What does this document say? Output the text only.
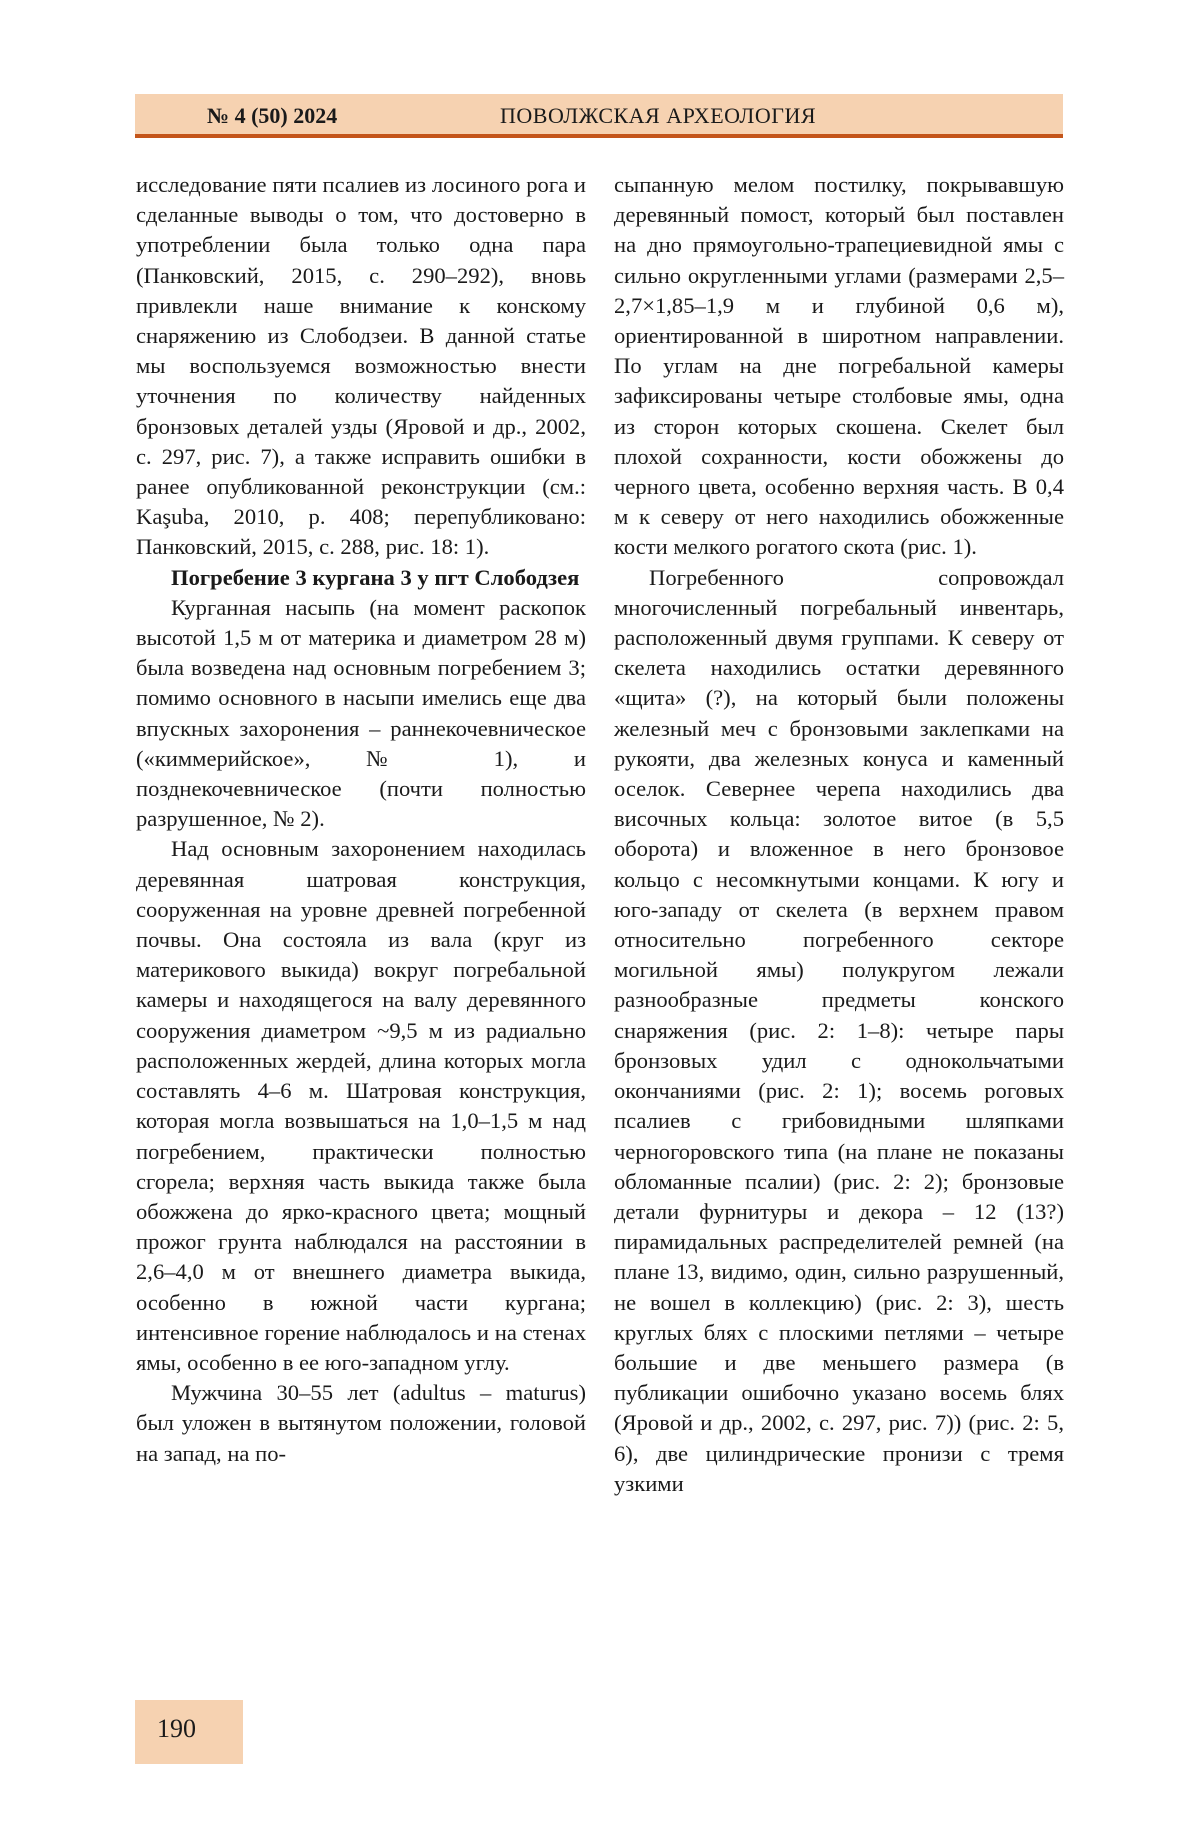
№ 4 (50) 2024	ПОВОЛЖСКАЯ АРХЕОЛОГИЯ

исследование пяти псалиев из лосиного рога и сделанные выводы о том, что достоверно в употреблении была только одна пара (Панковский, 2015, с. 290–292), вновь привлекли наше внимание к конскому снаряжению из Слободзеи. В данной статье мы воспользуемся возможностью внести уточнения по количеству найденных бронзовых деталей узды (Яровой и др., 2002, с. 297, рис. 7), а также исправить ошибки в ранее опубликованной реконструкции (см.: Kaşuba, 2010, p. 408; перепубликовано: Панковский, 2015, с. 288, рис. 18: 1).

Погребение 3 кургана 3 у пгт Слободзея

Курганная насыпь (на момент раскопок высотой 1,5 м от материка и диаметром 28 м) была возведена над основным погребением 3; помимо основного в насыпи имелись еще два впускных захоронения – раннекочевническое («киммерийское», № 1), и позднекочевническое (почти полностью разрушенное, № 2).

Над основным захоронением находилась деревянная шатровая конструкция, сооруженная на уровне древней погребенной почвы. Она состояла из вала (круг из материкового выкида) вокруг погребальной камеры и находящегося на валу деревянного сооружения диаметром ~9,5 м из радиально расположенных жердей, длина которых могла составлять 4–6 м. Шатровая конструкция, которая могла возвышаться на 1,0–1,5 м над погребением, практически полностью сгорела; верхняя часть выкида также была обожжена до ярко-красного цвета; мощный прожог грунта наблюдался на расстоянии в 2,6–4,0 м от внешнего диаметра выкида, особенно в южной части кургана; интенсивное горение наблюдалось и на стенах ямы, особенно в ее юго-западном углу.

Мужчина 30–55 лет (adultus – maturus) был уложен в вытянутом положении, головой на запад, на по-

сыпанную мелом постилку, покрывавшую деревянный помост, который был поставлен на дно прямоугольно-трапециевидной ямы с сильно округленными углами (размерами 2,5–2,7×1,85–1,9 м и глубиной 0,6 м), ориентированной в широтном направлении. По углам на дне погребальной камеры зафиксированы четыре столбовые ямы, одна из сторон которых скошена. Скелет был плохой сохранности, кости обожжены до черного цвета, особенно верхняя часть. В 0,4 м к северу от него находились обожженные кости мелкого рогатого скота (рис. 1).

Погребенного сопровождал многочисленный погребальный инвентарь, расположенный двумя группами. К северу от скелета находились остатки деревянного «щита» (?), на который были положены железный меч с бронзовыми заклепками на рукояти, два железных конуса и каменный оселок. Севернее черепа находились два височных кольца: золотое витое (в 5,5 оборота) и вложенное в него бронзовое кольцо с несомкнутыми концами. К югу и юго-западу от скелета (в верхнем правом относительно погребенного секторе могильной ямы) полукругом лежали разнообразные предметы конского снаряжения (рис. 2: 1–8): четыре пары бронзовых удил с однокольчатыми окончаниями (рис. 2: 1); восемь роговых псалиев с грибовидными шляпками черногоровского типа (на плане не показаны обломанные псалии) (рис. 2: 2); бронзовые детали фурнитуры и декора – 12 (13?) пирамидальных распределителей ремней (на плане 13, видимо, один, сильно разрушенный, не вошел в коллекцию) (рис. 2: 3), шесть круглых блях с плоскими петлями – четыре большие и две меньшего размера (в публикации ошибочно указано восемь блях (Яровой и др., 2002, с. 297, рис. 7)) (рис. 2: 5, 6), две цилиндрические пронизи с тремя узкими

190
